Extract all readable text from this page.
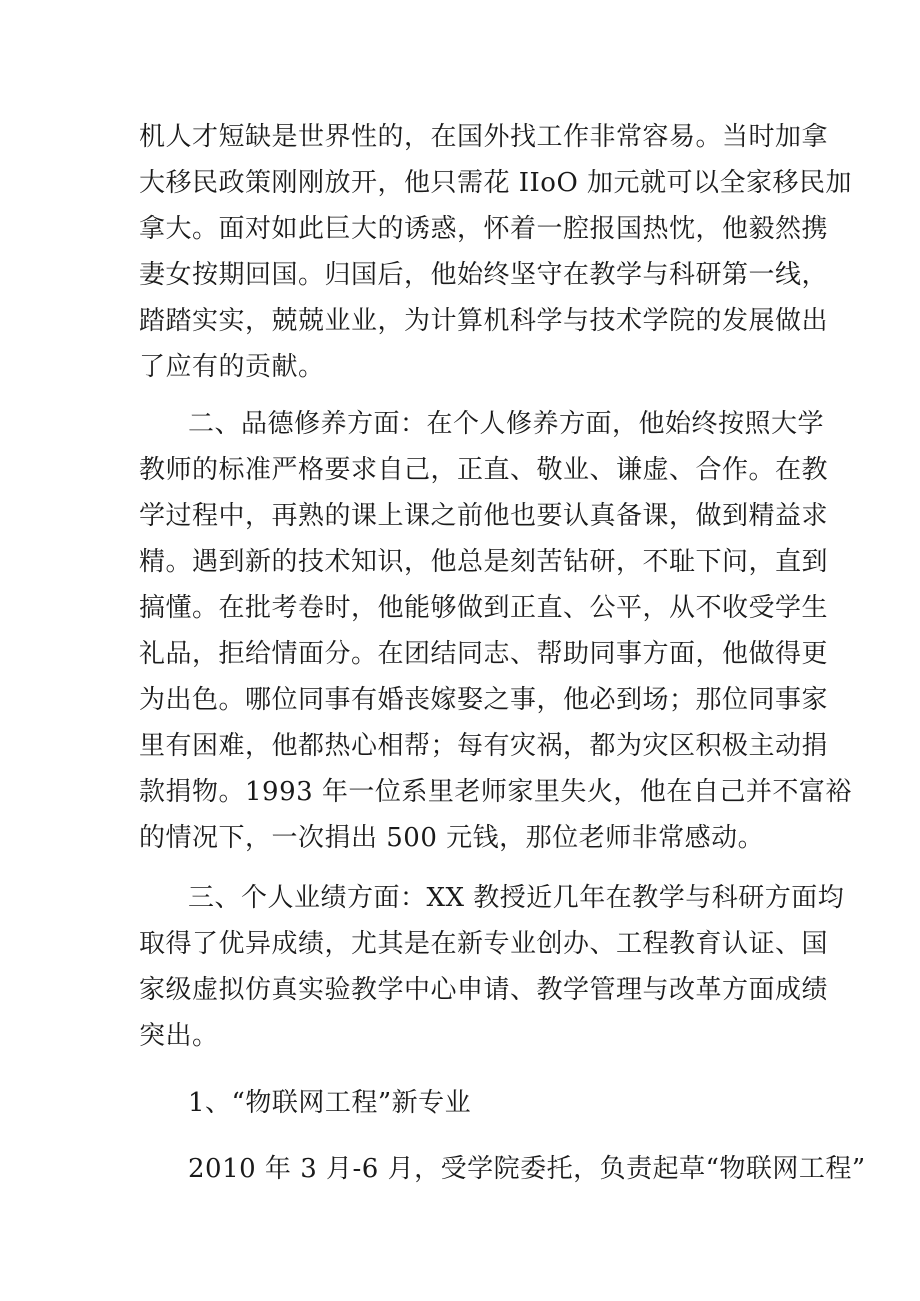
机人才短缺是世界性的，在国外找工作非常容易。当时加拿

大移民政策刚刚放开，他只需花 IIoO 加元就可以全家移民加

拿大。面对如此巨大的诱惑，怀着一腔报国热忱，他毅然携

妻女按期回国。归国后，他始终坚守在教学与科研第一线，

踏踏实实，兢兢业业，为计算机科学与技术学院的发展做出

了应有的贡献。

二、品德修养方面：在个人修养方面，他始终按照大学

教师的标准严格要求自己，正直、敬业、谦虚、合作。在教

学过程中，再熟的课上课之前他也要认真备课，做到精益求

精。遇到新的技术知识，他总是刻苦钻研，不耻下问，直到

搞懂。在批考卷时，他能够做到正直、公平，从不收受学生

礼品，拒给情面分。在团结同志、帮助同事方面，他做得更

为出色。哪位同事有婚丧嫁娶之事，他必到场；那位同事家

里有困难，他都热心相帮；每有灾祸，都为灾区积极主动捐

款捐物。1993 年一位系里老师家里失火，他在自己并不富裕

的情况下，一次捐出 500 元钱，那位老师非常感动。

三、个人业绩方面：XX 教授近几年在教学与科研方面均

取得了优异成绩，尤其是在新专业创办、工程教育认证、国

家级虚拟仿真实验教学中心申请、教学管理与改革方面成绩

突出。

1、“物联网工程”新专业

2010 年 3 月-6 月，受学院委托，负责起草“物联网工程”
